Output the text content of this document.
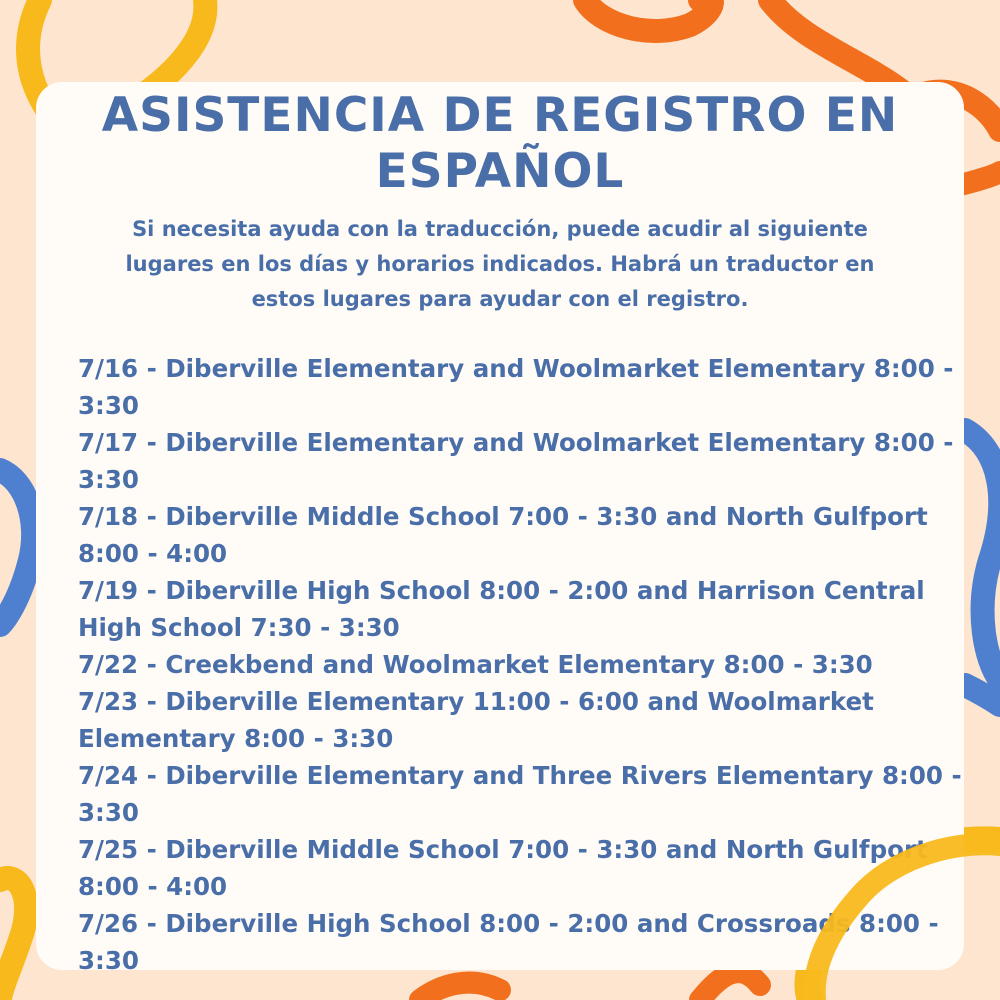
ASISTENCIA DE REGISTRO EN ESPAÑOL
Si necesita ayuda con la traducción, puede acudir al siguiente lugares en los días y horarios indicados. Habrá un traductor en estos lugares para ayudar con el registro.

7/16 - Diberville Elementary and Woolmarket Elementary 8:00 - 3:30

7/17 - Diberville Elementary and Woolmarket Elementary 8:00 - 3:30

7/18 - Diberville Middle School 7:00 - 3:30 and North Gulfport 8:00 - 4:00

7/19 - Diberville High School 8:00 - 2:00 and Harrison Central High School 7:30 - 3:30

7/22 - Creekbend and Woolmarket Elementary 8:00 - 3:30

7/23 - Diberville Elementary 11:00 - 6:00 and Woolmarket Elementary 8:00 - 3:30

7/24 - Diberville Elementary and Three Rivers Elementary 8:00 - 3:30

7/25 - Diberville Middle School 7:00 - 3:30 and North Gulfport 8:00 - 4:00

7/26 - Diberville High School 8:00 - 2:00 and Crossroads 8:00 - 3:30
